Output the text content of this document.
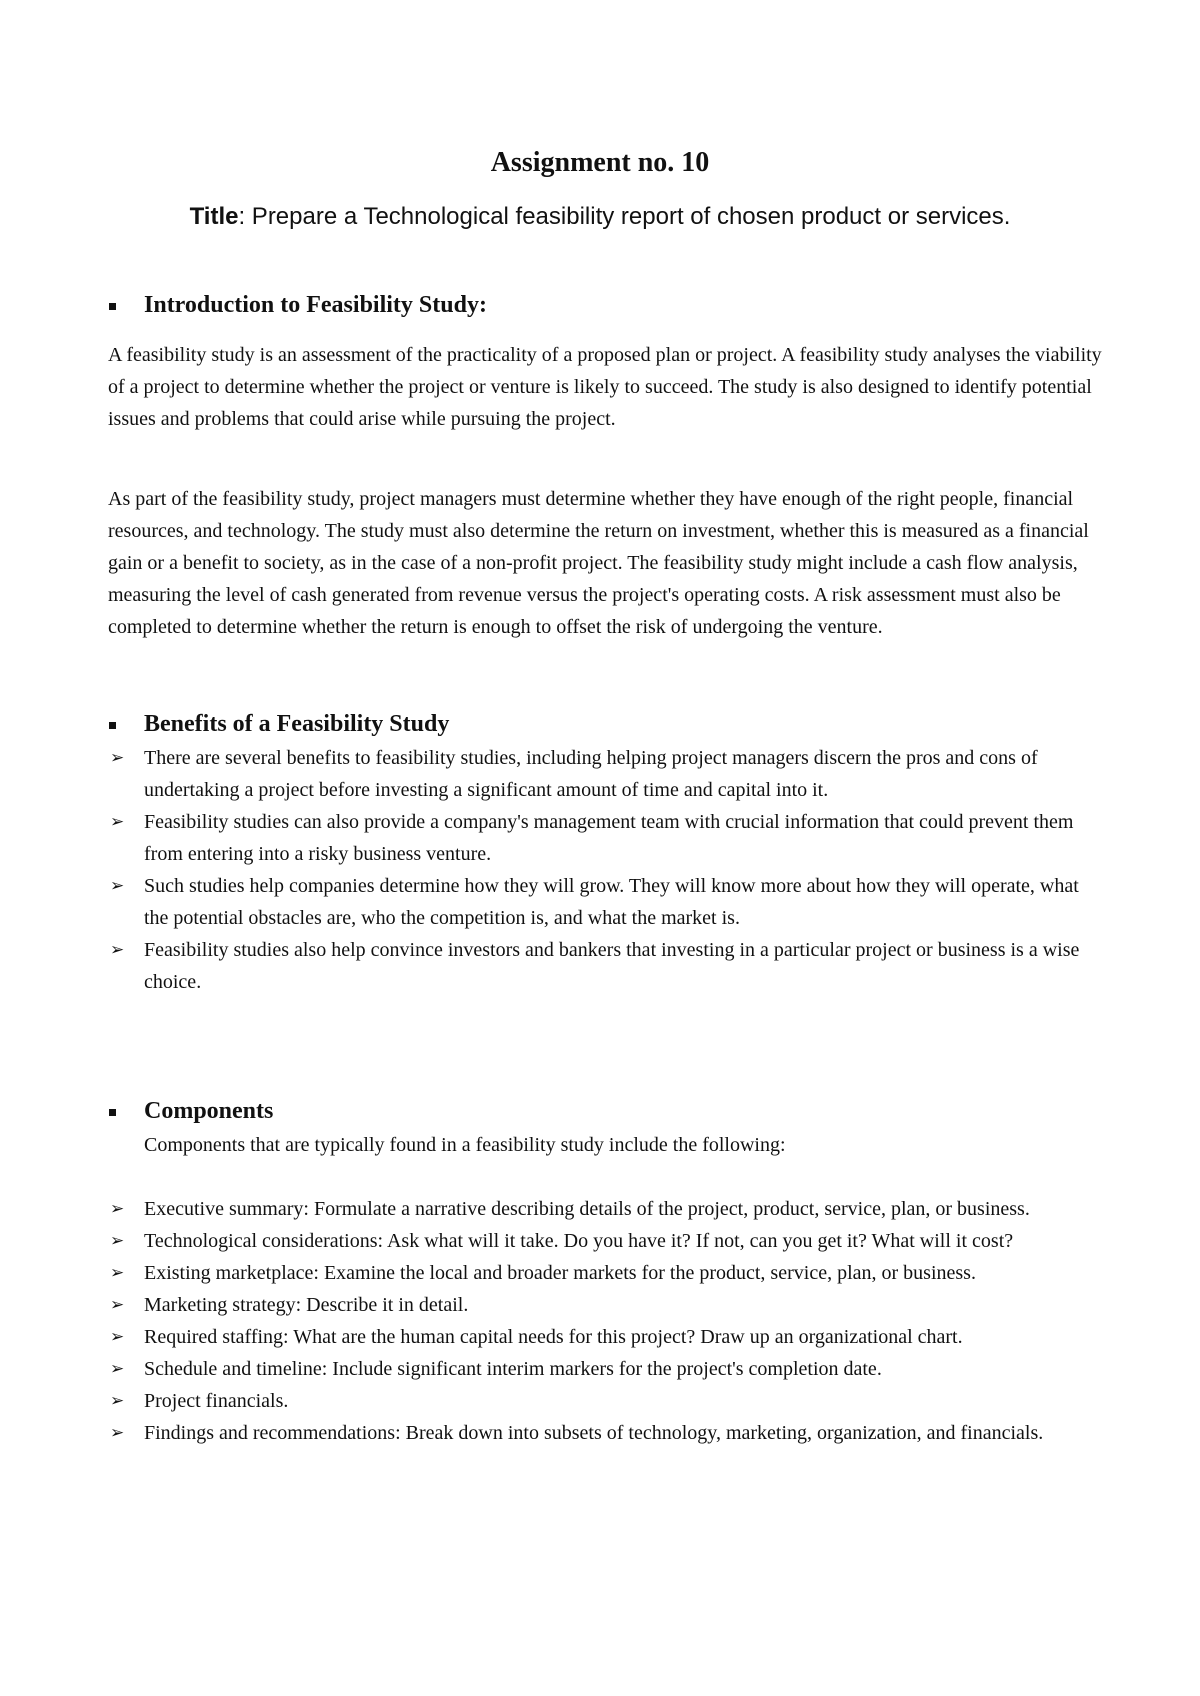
Assignment no. 10
Title: Prepare a Technological feasibility report of chosen product or services.
Introduction to Feasibility Study:

A feasibility study is an assessment of the practicality of a proposed plan or project. A feasibility study analyses the viability of a project to determine whether the project or venture is likely to succeed. The study is also designed to identify potential issues and problems that could arise while pursuing the project.

As part of the feasibility study, project managers must determine whether they have enough of the right people, financial resources, and technology. The study must also determine the return on investment, whether this is measured as a financial gain or a benefit to society, as in the case of a non-profit project. The feasibility study might include a cash flow analysis, measuring the level of cash generated from revenue versus the project's operating costs. A risk assessment must also be completed to determine whether the return is enough to offset the risk of undergoing the venture.

Benefits of a Feasibility Study
➢ There are several benefits to feasibility studies, including helping project managers discern the pros and cons of undertaking a project before investing a significant amount of time and capital into it.
➢ Feasibility studies can also provide a company's management team with crucial information that could prevent them from entering into a risky business venture.
➢ Such studies help companies determine how they will grow. They will know more about how they will operate, what the potential obstacles are, who the competition is, and what the market is.
➢ Feasibility studies also help convince investors and bankers that investing in a particular project or business is a wise choice.
Components
Components that are typically found in a feasibility study include the following:
➢ Executive summary: Formulate a narrative describing details of the project, product, service, plan, or business.
➢ Technological considerations: Ask what will it take. Do you have it? If not, can you get it? What will it cost?
➢ Existing marketplace: Examine the local and broader markets for the product, service, plan, or business.
➢ Marketing strategy: Describe it in detail.
➢ Required staffing: What are the human capital needs for this project? Draw up an organizational chart.
➢ Schedule and timeline: Include significant interim markers for the project's completion date.
➢ Project financials.
➢ Findings and recommendations: Break down into subsets of technology, marketing, organization, and financials.
